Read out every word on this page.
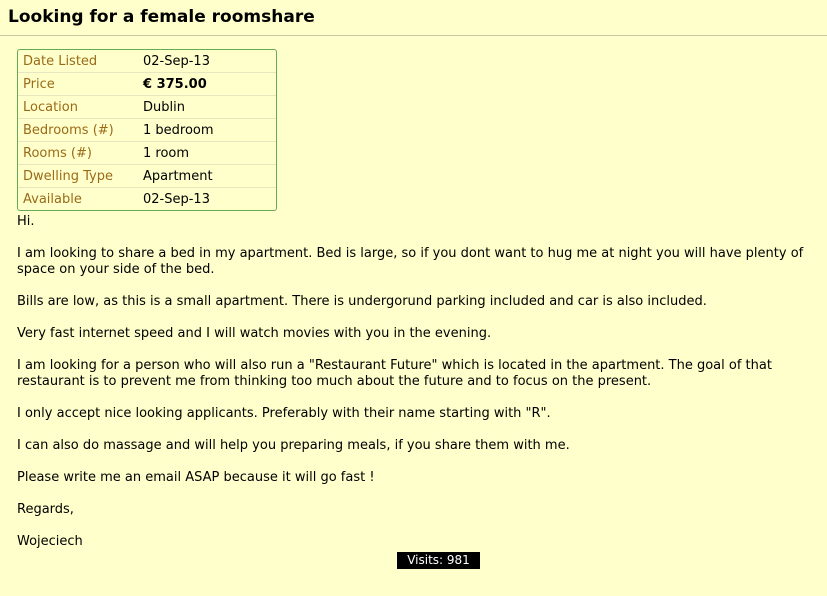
Looking for a female roomshare
Date Listed	02-Sep-13
Price	€ 375.00
Location	Dublin
Bedrooms (#)	1 bedroom
Rooms (#)	1 room
Dwelling Type	Apartment
Available	02-Sep-13

Hi.

I am looking to share a bed in my apartment. Bed is large, so if you dont want to hug me at night you will have plenty of space on your side of the bed.

Bills are low, as this is a small apartment. There is undergorund parking included and car is also included.

Very fast internet speed and I will watch movies with you in the evening.

I am looking for a person who will also run a "Restaurant Future" which is located in the apartment. The goal of that restaurant is to prevent me from thinking too much about the future and to focus on the present.

I only accept nice looking applicants. Preferably with their name starting with "R".

I can also do massage and will help you preparing meals, if you share them with me.

Please write me an email ASAP because it will go fast !

Regards,

Wojeciech

Visits: 981
